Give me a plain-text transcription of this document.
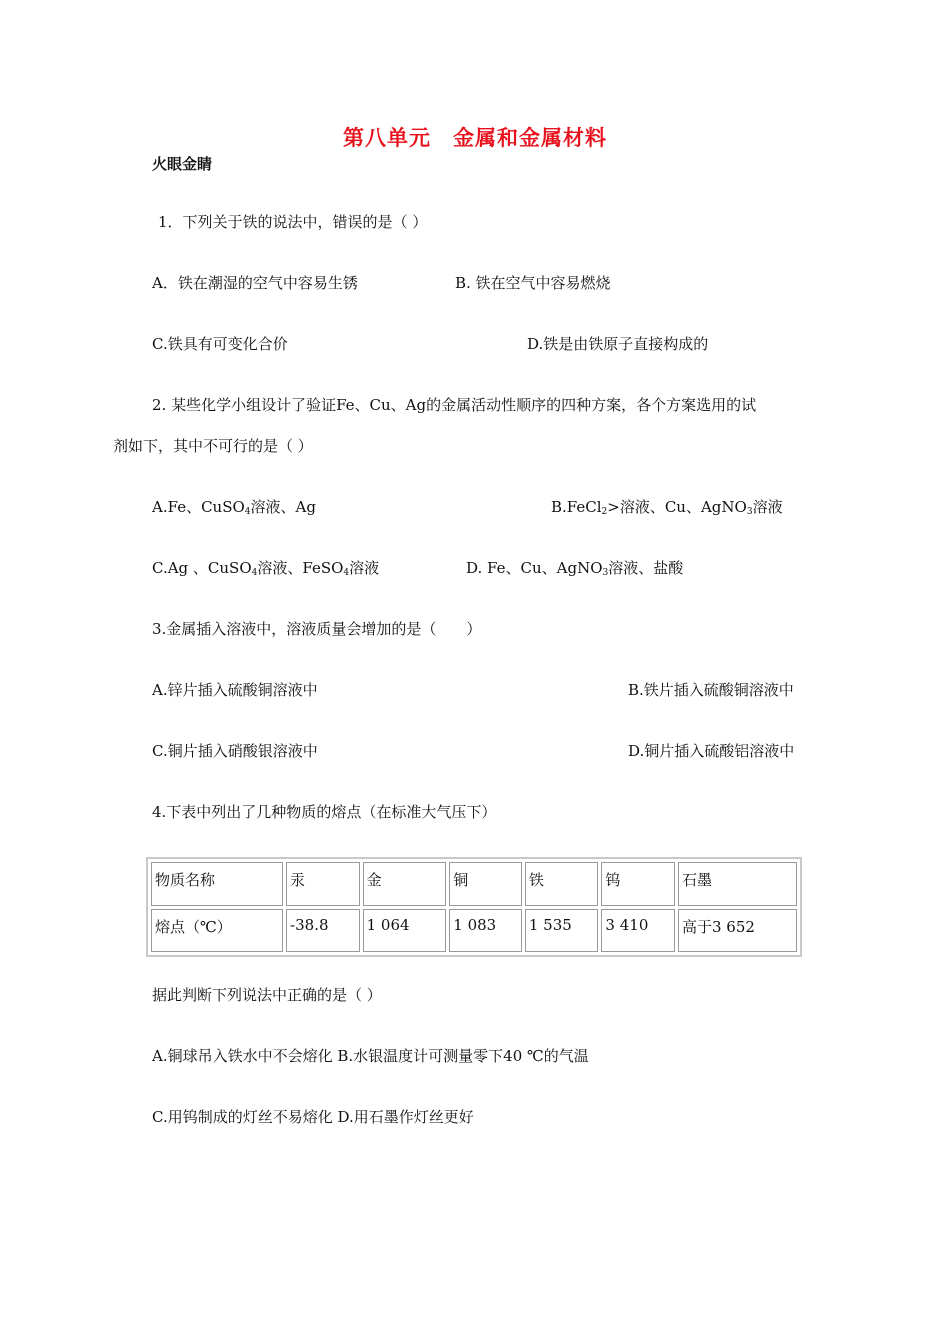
第八单元　金属和金属材料
火眼金睛
1．下列关于铁的说法中，错误的是（ ）
A．铁在潮湿的空气中容易生锈	B. 铁在空气中容易燃烧
C.铁具有可变化合价	D.铁是由铁原子直接构成的
2. 某些化学小组设计了验证Fe、Cu、Ag的金属活动性顺序的四种方案，各个方案选用的试
剂如下，其中不可行的是（ ）
A.Fe、CuSO$_4$溶液、Ag	B.FeCl$_2$>溶液、Cu、AgNO$_3$溶液
C.Ag 、CuSO$_4$溶液、FeSO$_4$溶液	D. Fe、Cu、AgNO$_3$溶液、盐酸
3.金属插入溶液中，溶液质量会增加的是（　　）
A.锌片插入硫酸铜溶液中	B.铁片插入硫酸铜溶液中
C.铜片插入硝酸银溶液中	D.铜片插入硫酸铝溶液中
4.下表中列出了几种物质的熔点（在标准大气压下）
物质名称	汞	金	铜	铁	钨	石墨
熔点（℃）	-38.8	1 064	1 083	1 535	3 410	高于3 652
据此判断下列说法中正确的是（ ）
A.铜球吊入铁水中不会熔化 B.水银温度计可测量零下40 ℃的气温
C.用钨制成的灯丝不易熔化 D.用石墨作灯丝更好
